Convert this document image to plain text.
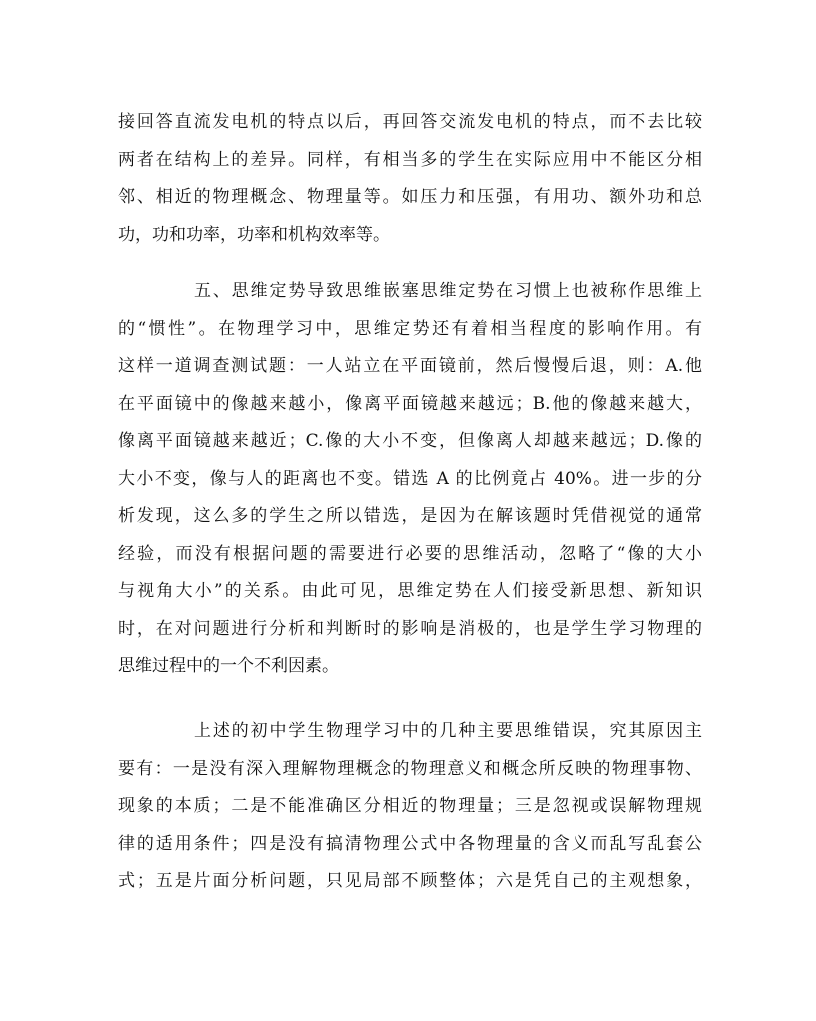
接回答直流发电机的特点以后，再回答交流发电机的特点，而不去比较
两者在结构上的差异。同样，有相当多的学生在实际应用中不能区分相
邻、相近的物理概念、物理量等。如压力和压强，有用功、额外功和总
功，功和功率，功率和机构效率等。
五、思维定势导致思维嵌塞思维定势在习惯上也被称作思维上
的“惯性”。在物理学习中，思维定势还有着相当程度的影响作用。有
这样一道调查测试题：一人站立在平面镜前，然后慢慢后退，则：A.他
在平面镜中的像越来越小，像离平面镜越来越远；B.他的像越来越大，
像离平面镜越来越近；C.像的大小不变，但像离人却越来越远；D.像的
大小不变，像与人的距离也不变。错选 A 的比例竟占 40%。进一步的分
析发现，这么多的学生之所以错选，是因为在解该题时凭借视觉的通常
经验，而没有根据问题的需要进行必要的思维活动，忽略了“像的大小
与视角大小”的关系。由此可见，思维定势在人们接受新思想、新知识
时，在对问题进行分析和判断时的影响是消极的，也是学生学习物理的
思维过程中的一个不利因素。
上述的初中学生物理学习中的几种主要思维错误，究其原因主
要有：一是没有深入理解物理概念的物理意义和概念所反映的物理事物、
现象的本质；二是不能准确区分相近的物理量；三是忽视或误解物理规
律的适用条件；四是没有搞清物理公式中各物理量的含义而乱写乱套公
式；五是片面分析问题，只见局部不顾整体；六是凭自己的主观想象，
